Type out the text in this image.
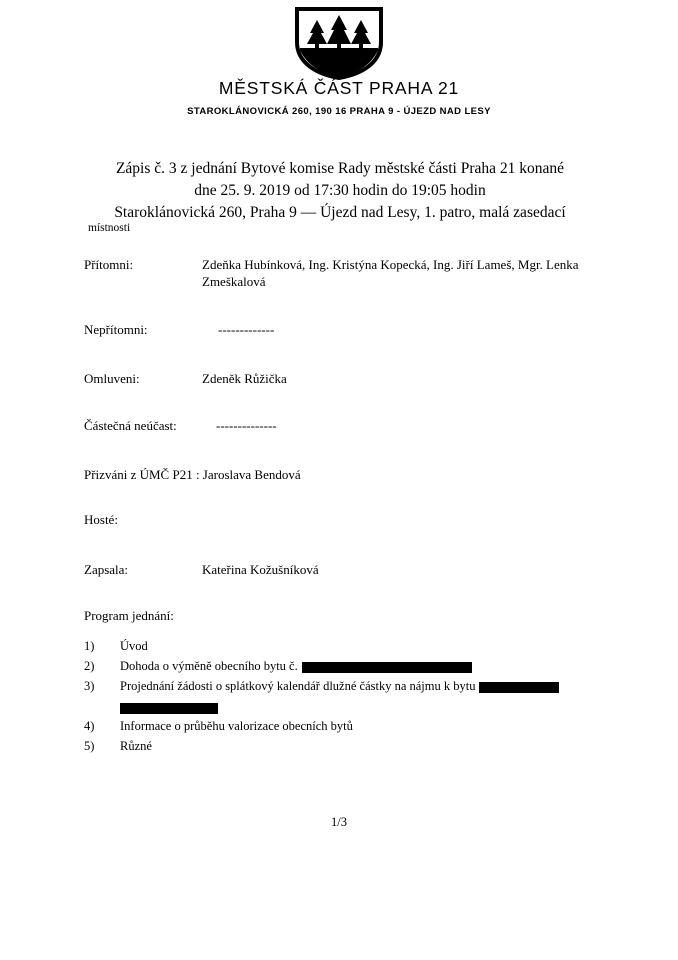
MĚSTSKÁ ČÁST PRAHA 21
STAROKLÁNOVICKÁ 260, 190 16 PRAHA 9 - ÚJEZD NAD LESY
Zápis č. 3 z jednání Bytové komise Rady městské části Praha 21 konané
dne 25. 9. 2019 od 17:30 hodin do 19:05 hodin
Staroklánovická 260, Praha 9 — Újezd nad Lesy, 1. patro, malá zasedací
místnosti
Přítomni:	Zdeňka Hubínková, Ing. Kristýna Kopecká, Ing. Jiří Lameš, Mgr. Lenka Zmeškalová
Nepřítomni:	-------------
Omluveni:	Zdeněk Růžička
Částečná neúčast:	--------------
Přizváni z ÚMČ P21 : Jaroslava Bendová
Hosté:
Zapsala:	Kateřina Kožušníková
Program jednání:
1)	Úvod
2)	Dohoda o výměně obecního bytu č.
3)	Projednání žádosti o splátkový kalendář dlužné částky na nájmu k bytu

4)	Informace o průběhu valorizace obecních bytů
5)	Různé
1/3
